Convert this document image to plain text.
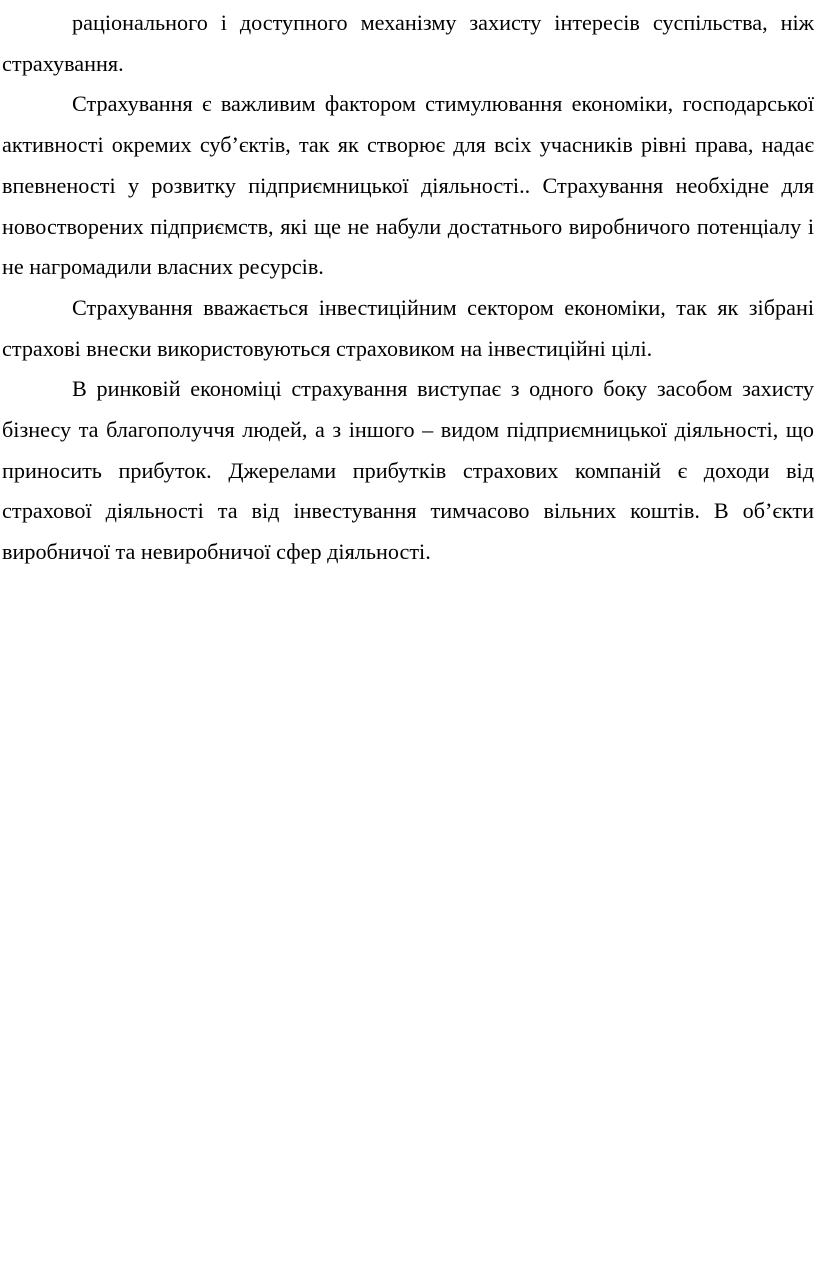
раціонального і доступного механізму захисту інтересів суспільства, ніж страхування.

Страхування є важливим фактором стимулювання економіки, господарської активності окремих суб’єктів, так як створює для всіх учасників рівні права, надає впевненості у розвитку підприємницької діяльності.. Страхування необхідне для новостворених підприємств, які ще не набули достатнього виробничого потенціалу і не нагромадили власних ресурсів.

Страхування вважається інвестиційним сектором економіки, так як зібрані страхові внески використовуються страховиком на інвестиційні цілі.

В ринковій економіці страхування виступає з одного боку засобом захисту бізнесу та благополуччя людей, а з іншого – видом підприємницької діяльності, що приносить прибуток. Джерелами прибутків страхових компаній є доходи від страхової діяльності та від інвестування тимчасово вільних коштів. В об’єкти виробничої та невиробничої сфер діяльності.
